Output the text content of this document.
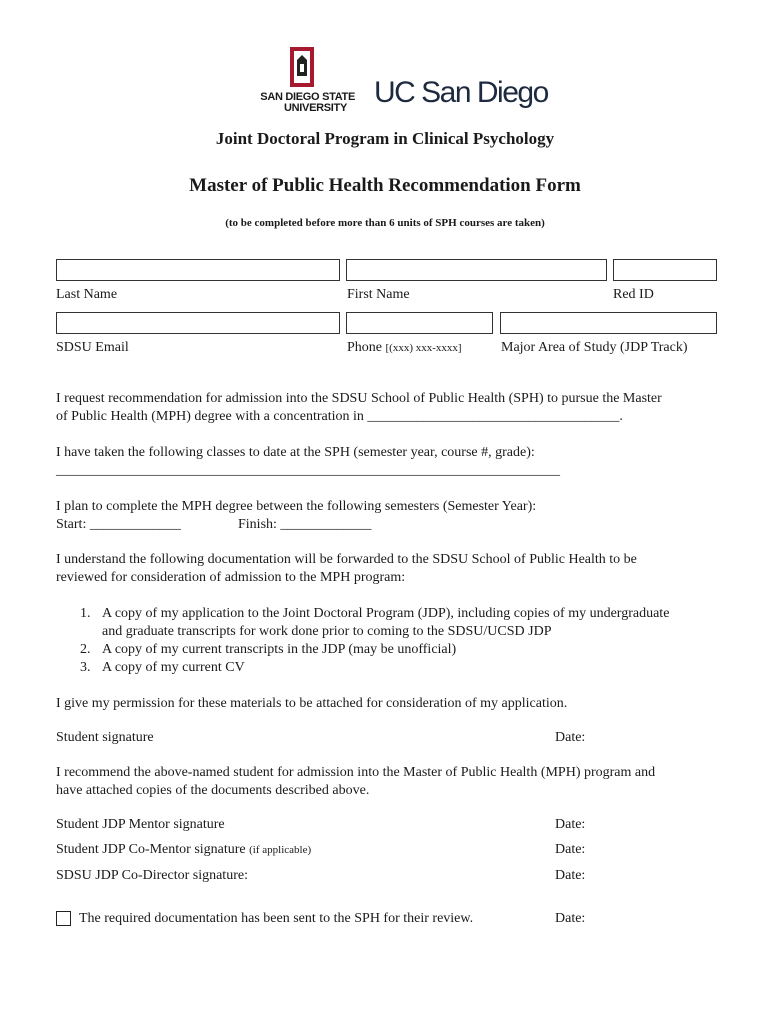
SAN DIEGO STATE
UNIVERSITY UC San Diego
Joint Doctoral Program in Clinical Psychology
Master of Public Health Recommendation Form
(to be completed before more than 6 units of SPH courses are taken)
Last Name	First Name	Red ID
SDSU Email	Phone [(xxx) xxx-xxxx]	Major Area of Study (JDP Track)
I request recommendation for admission into the SDSU School of Public Health (SPH) to pursue the Master
of Public Health (MPH) degree with a concentration in ____________________________________.
I have taken the following classes to date at the SPH (semester year, course #, grade):
________________________________________________________________________
I plan to complete the MPH degree between the following semesters (Semester Year):
Start: _____________	Finish: _____________
I understand the following documentation will be forwarded to the SDSU School of Public Health to be
reviewed for consideration of admission to the MPH program:
1. A copy of my application to the Joint Doctoral Program (JDP), including copies of my undergraduate
and graduate transcripts for work done prior to coming to the SDSU/UCSD JDP
2. A copy of my current transcripts in the JDP (may be unofficial)
3. A copy of my current CV
I give my permission for these materials to be attached for consideration of my application.
Student signature	Date:
I recommend the above-named student for admission into the Master of Public Health (MPH) program and
have attached copies of the documents described above.
Student JDP Mentor signature	Date:
Student JDP Co-Mentor signature (if applicable)	Date:
SDSU JDP Co-Director signature:	Date:
The required documentation has been sent to the SPH for their review.	Date:
